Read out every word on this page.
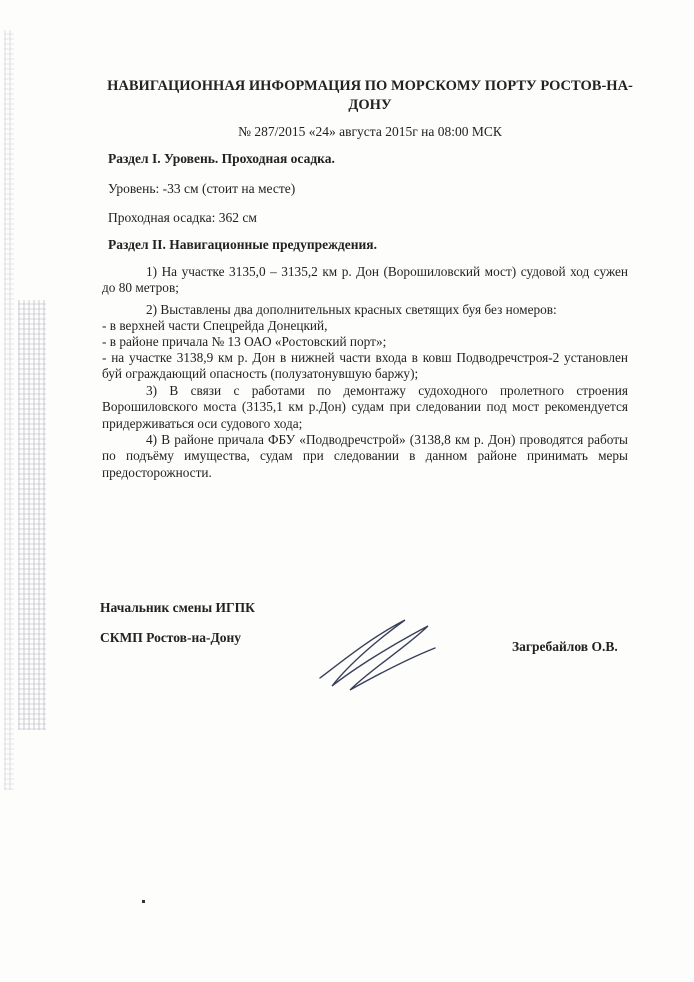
НАВИГАЦИОННАЯ ИНФОРМАЦИЯ ПО МОРСКОМУ ПОРТУ РОСТОВ-НА-ДОНУ
№ 287/2015 «24» августа 2015г на 08:00 МСК
Раздел I. Уровень. Проходная осадка.
Уровень: -33 см (стоит на месте)
Проходная осадка: 362 см
Раздел II. Навигационные предупреждения.
1) На участке 3135,0 – 3135,2 км р. Дон (Ворошиловский мост) судовой ход сужен до 80 метров;
2) Выставлены два дополнительных красных светящих буя без номеров:
- в верхней части Спецрейда Донецкий,
- в районе причала № 13 ОАО «Ростовский порт»;
- на участке 3138,9 км р. Дон в нижней части входа в ковш Подводречстроя-2 установлен буй ограждающий опасность (полузатонувшую баржу);
3) В связи с работами по демонтажу судоходного пролетного строения Ворошиловского моста (3135,1 км р.Дон) судам при следовании под мост рекомендуется придерживаться оси судового хода;
4) В районе причала ФБУ «Подводречстрой» (3138,8 км р. Дон) проводятся работы по подъёму имущества, судам при следовании в данном районе принимать меры предосторожности.
Начальник смены ИГПК
СКМП Ростов-на-Дону
Загребайлов О.В.
